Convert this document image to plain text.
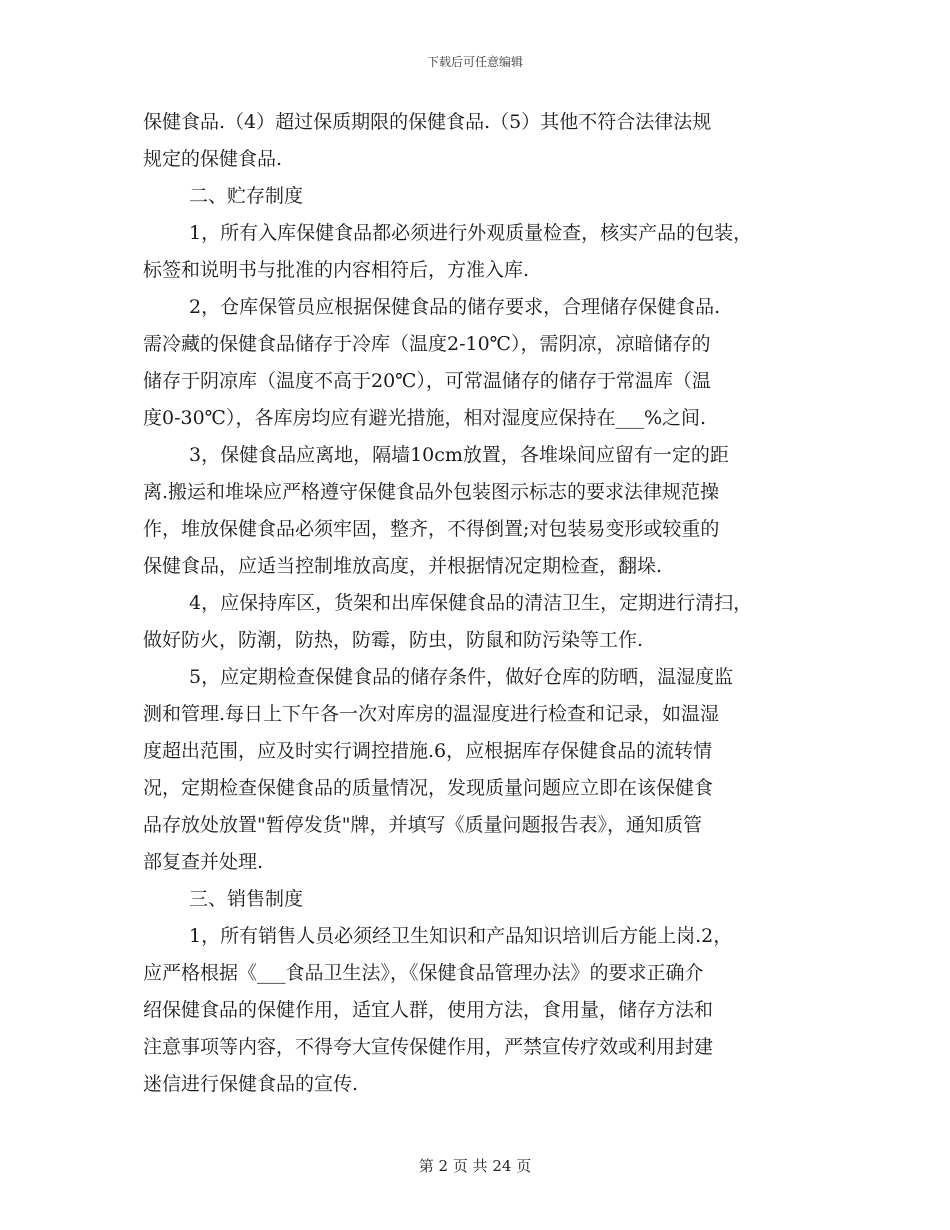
下载后可任意编辑
保健食品.（4）超过保质期限的保健食品.（5）其他不符合法律法规
规定的保健食品.
二、贮存制度
1，所有入库保健食品都必须进行外观质量检查，核实产品的包装，
标签和说明书与批准的内容相符后，方准入库.
2，仓库保管员应根据保健食品的储存要求，合理储存保健食品.
需冷藏的保健食品储存于冷库（温度2-10℃），需阴凉，凉暗储存的
储存于阴凉库（温度不高于20℃），可常温储存的储存于常温库（温
度0-30℃），各库房均应有避光措施，相对湿度应保持在___%之间.
3，保健食品应离地，隔墙10cm放置，各堆垛间应留有一定的距
离.搬运和堆垛应严格遵守保健食品外包装图示标志的要求法律规范操
作，堆放保健食品必须牢固，整齐，不得倒置;对包装易变形或较重的
保健食品，应适当控制堆放高度，并根据情况定期检查，翻垛.
4，应保持库区，货架和出库保健食品的清洁卫生，定期进行清扫，
做好防火，防潮，防热，防霉，防虫，防鼠和防污染等工作.
5，应定期检查保健食品的储存条件，做好仓库的防晒，温湿度监
测和管理.每日上下午各一次对库房的温湿度进行检查和记录，如温湿
度超出范围，应及时实行调控措施.6，应根据库存保健食品的流转情
况，定期检查保健食品的质量情况，发现质量问题应立即在该保健食
品存放处放置"暂停发货"牌，并填写《质量问题报告表》，通知质管
部复查并处理.
三、销售制度
1，所有销售人员必须经卫生知识和产品知识培训后方能上岗.2，
应严格根据《___食品卫生法》，《保健食品管理办法》的要求正确介
绍保健食品的保健作用，适宜人群，使用方法，食用量，储存方法和
注意事项等内容，不得夸大宣传保健作用，严禁宣传疗效或利用封建
迷信进行保健食品的宣传.
第 2 页 共 24 页
